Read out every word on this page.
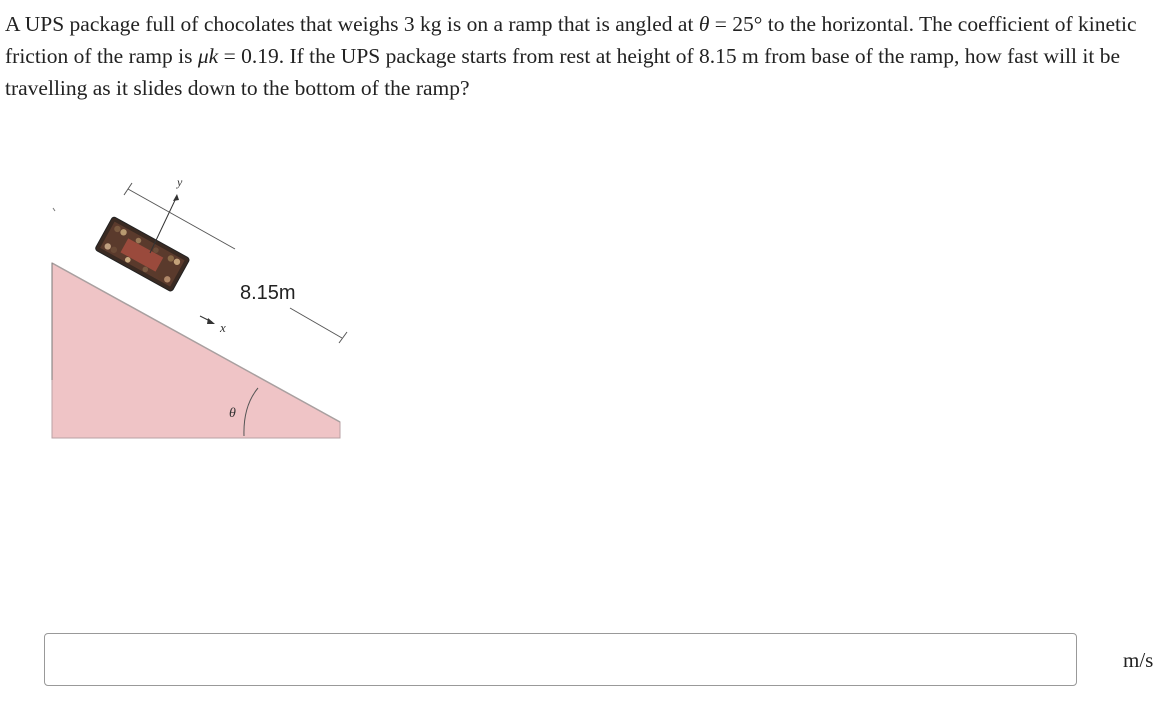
A UPS package full of chocolates that weighs 3 kg is on a ramp that is angled at θ = 25° to the horizontal. The coefficient of kinetic friction of the ramp is μk = 0.19. If the UPS package starts from rest at height of 8.15 m from base of the ramp, how fast will it be travelling as it slides down to the bottom of the ramp?

y
x
8.15m
θ
m/s
